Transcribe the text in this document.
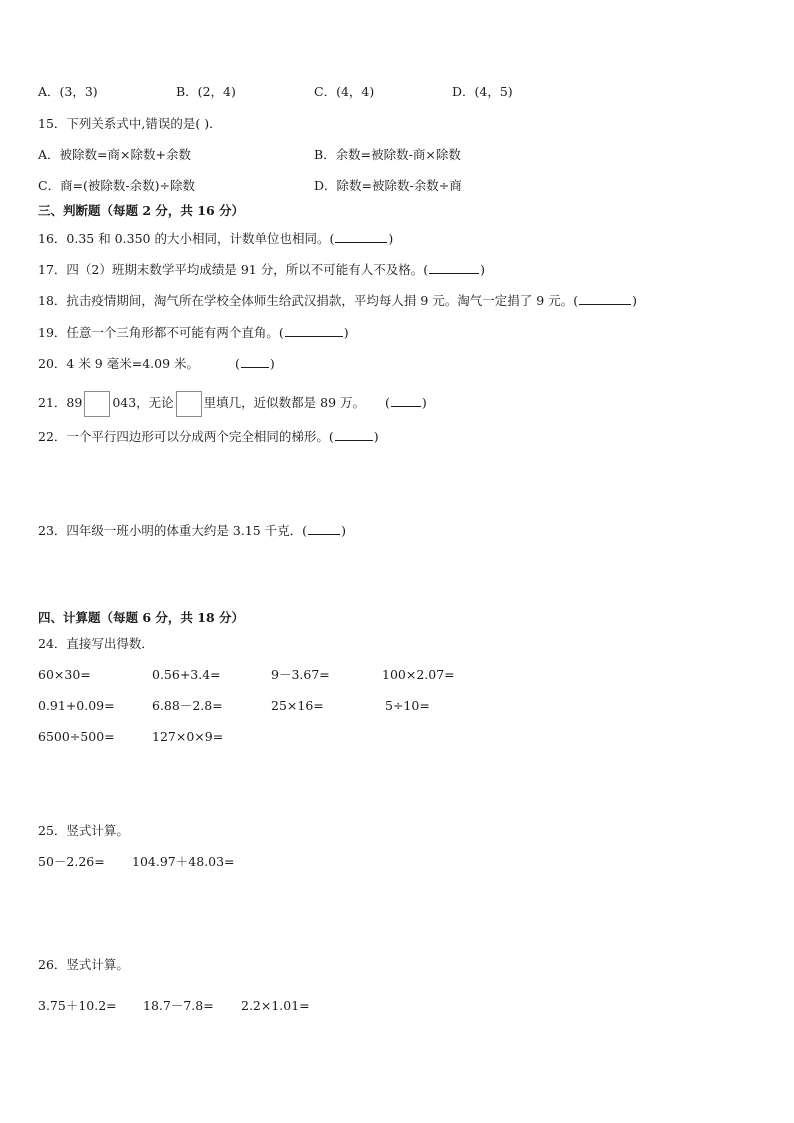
A．(3，3)	B．(2，4)	C．(4，4)	D．(4，5)
15．下列关系式中,错误的是( )．
A．被除数=商×除数+余数	B．余数=被除数-商×除数
C．商=(被除数-余数)÷除数	D．除数=被除数-余数÷商
三、判断题（每题 2 分，共 16 分）
16．0.35 和 0.350 的大小相同，计数单位也相同。(	)
17．四（2）班期末数学平均成绩是 91 分，所以不可能有人不及格。(	)
18．抗击疫情期间，淘气所在学校全体师生给武汉捐款，平均每人捐 9 元。淘气一定捐了 9 元。(	)
19．任意一个三角形都不可能有两个直角。(	)
20．4 米 9 毫米=4.09 米。	( )
21．89 043，无论 里填几，近似数都是 89 万。 (	)
22．一个平行四边形可以分成两个完全相同的梯形。(	)
23．四年级一班小明的体重大约是 3.15 千克．(	)
四、计算题（每题 6 分，共 18 分）
24．直接写出得数．
60×30=	0.56+3.4=	9－3.67=	100×2.07=
0.91+0.09=	6.88－2.8=	25×16=	5÷10=
6500÷500=	127×0×9=
25．竖式计算。
50－2.26= 104.97＋48.03=
26．竖式计算。
3.75＋10.2= 18.7－7.8= 2.2×1.01=
